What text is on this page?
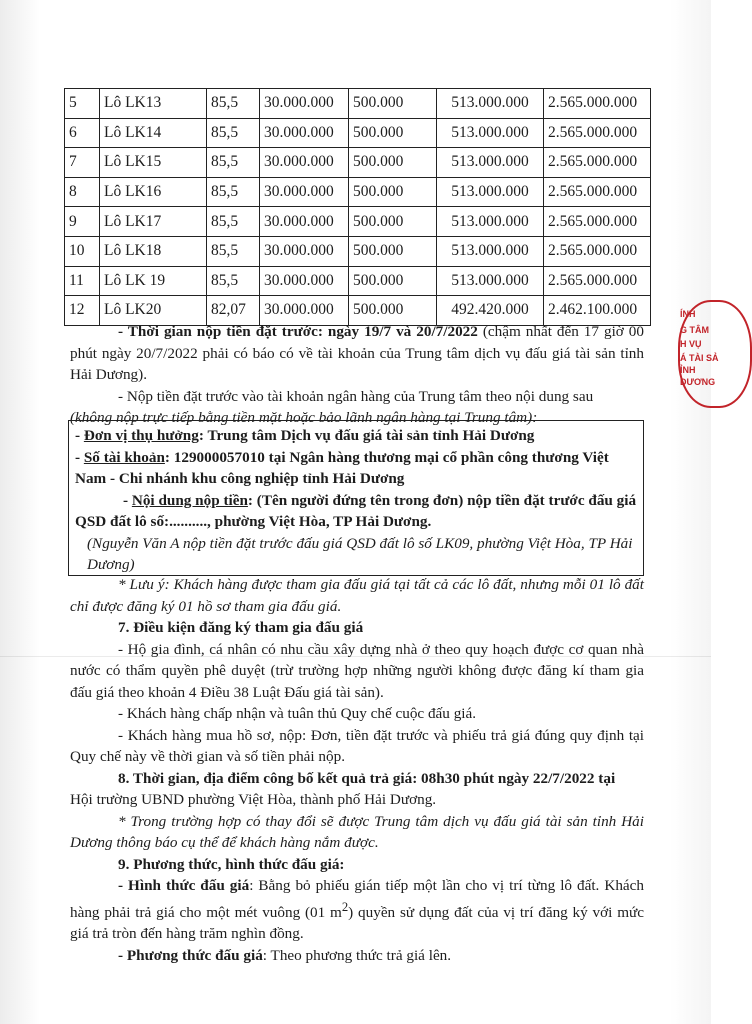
5	Lô LK13	85,5	30.000.000	500.000	513.000.000	2.565.000.000
6	Lô LK14	85,5	30.000.000	500.000	513.000.000	2.565.000.000
7	Lô LK15	85,5	30.000.000	500.000	513.000.000	2.565.000.000
8	Lô LK16	85,5	30.000.000	500.000	513.000.000	2.565.000.000
9	Lô LK17	85,5	30.000.000	500.000	513.000.000	2.565.000.000
10	Lô LK18	85,5	30.000.000	500.000	513.000.000	2.565.000.000
11	Lô LK 19	85,5	30.000.000	500.000	513.000.000	2.565.000.000
12	Lô LK20	82,07	30.000.000	500.000	492.420.000	2.462.100.000

- Thời gian nộp tiền đặt trước: ngày 19/7 và 20/7/2022 (chậm nhất đến 17 giờ 00 phút ngày 20/7/2022 phải có báo có về tài khoản của Trung tâm dịch vụ đấu giá tài sản tỉnh Hải Dương).

- Nộp tiền đặt trước vào tài khoản ngân hàng của Trung tâm theo nội dung sau

(không nộp trực tiếp bằng tiền mặt hoặc bảo lãnh ngân hàng tại Trung tâm):

- Đơn vị thụ hưởng: Trung tâm Dịch vụ đấu giá tài sản tỉnh Hải Dương

- Số tài khoản: 129000057010 tại Ngân hàng thương mại cổ phần công thương Việt Nam - Chi nhánh khu công nghiệp tỉnh Hải Dương

- Nội dung nộp tiền: (Tên người đứng tên trong đơn) nộp tiền đặt trước đấu giá QSD đất lô số:.........., phường Việt Hòa, TP Hải Dương.

(Nguyễn Văn A nộp tiền đặt trước đấu giá QSD đất lô số LK09, phường Việt Hòa, TP Hải Dương)

* Lưu ý: Khách hàng được tham gia đấu giá tại tất cả các lô đất, nhưng mỗi 01 lô đất chỉ được đăng ký 01 hồ sơ tham gia đấu giá.

7. Điều kiện đăng ký tham gia đấu giá

- Hộ gia đình, cá nhân có nhu cầu xây dựng nhà ở theo quy hoạch được cơ quan nhà nước có thẩm quyền phê duyệt (trừ trường hợp những người không được đăng kí tham gia đấu giá theo khoản 4 Điều 38 Luật Đấu giá tài sản).

- Khách hàng chấp nhận và tuân thủ Quy chế cuộc đấu giá.

- Khách hàng mua hồ sơ, nộp: Đơn, tiền đặt trước và phiếu trả giá đúng quy định tại Quy chế này về thời gian và số tiền phải nộp.

8. Thời gian, địa điểm công bố kết quả trả giá: 08h30 phút ngày 22/7/2022 tại

Hội trường UBND phường Việt Hòa, thành phố Hải Dương.

* Trong trường hợp có thay đổi sẽ được Trung tâm dịch vụ đấu giá tài sản tỉnh Hải Dương thông báo cụ thể để khách hàng nắm được.

9. Phương thức, hình thức đấu giá:

- Hình thức đấu giá: Bằng bỏ phiếu gián tiếp một lần cho vị trí từng lô đất. Khách hàng phải trả giá cho một mét vuông (01 $m^2$) quyền sử dụng đất của vị trí đăng ký với mức giá trả tròn đến hàng trăm nghìn đồng.

- Phương thức đấu giá: Theo phương thức trả giá lên.

ÍNH
G TÂM
H VỤ
Á TÀI SẢ
ỈNH
DƯƠNG
